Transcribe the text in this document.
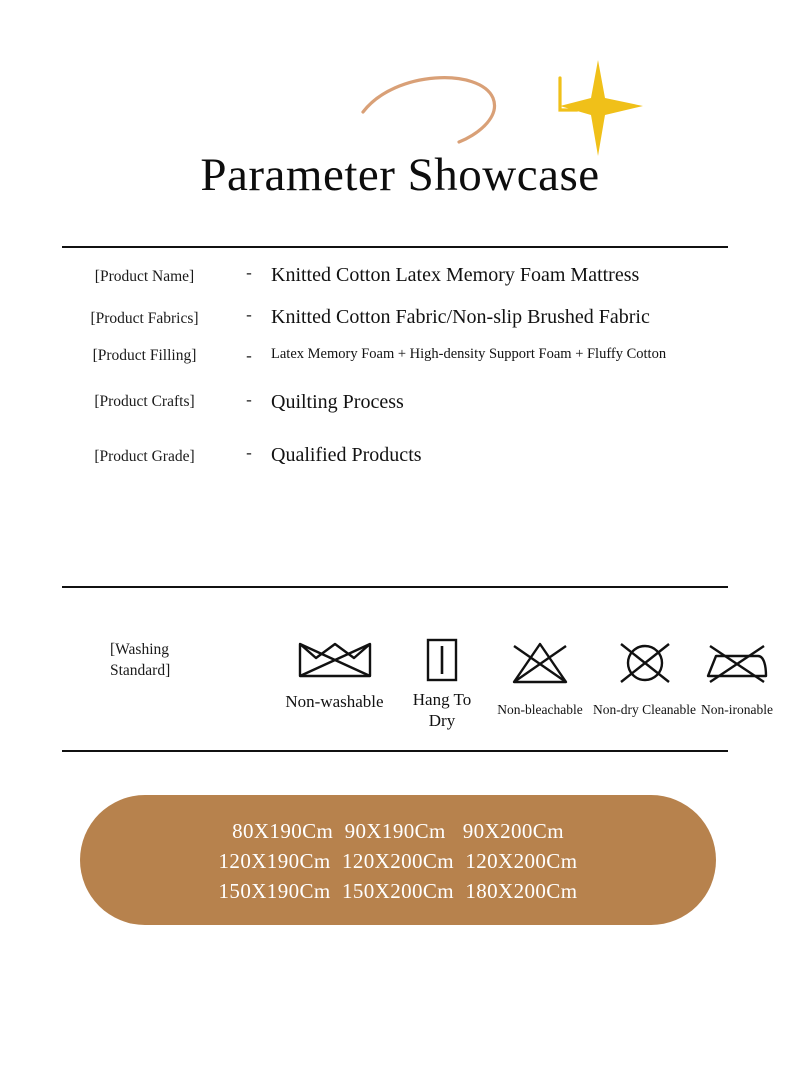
Parameter Showcase
[Product Name]	- Knitted Cotton Latex Memory Foam Mattress
[Product Fabrics]	- Knitted Cotton Fabric/Non-slip Brushed Fabric
[Product Filling]	-	Latex Memory Foam + High-density Support Foam + Fluffy Cotton
[Product Crafts]	- Quilting Process
[Product Grade]	- Qualified Products
[Washing Standard]
Non-washable	Hang To Dry
Non-bleachable Non-dry Cleanable Non-ironable
80X190Cm  90X190Cm   90X200Cm
120X190Cm  120X200Cm  120X200Cm
150X190Cm  150X200Cm  180X200Cm
